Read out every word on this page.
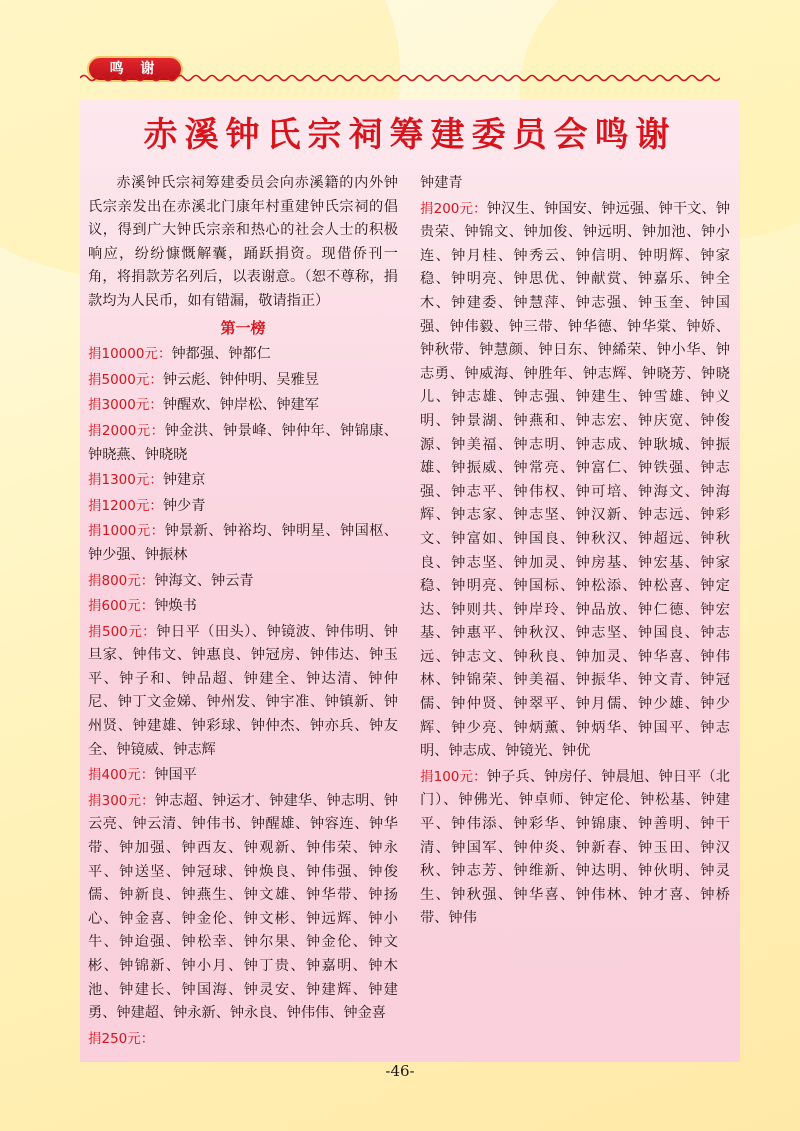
鸣 谢
赤溪钟氏宗祠筹建委员会鸣谢

赤溪钟氏宗祠筹建委员会向赤溪籍的内外钟氏宗亲发出在赤溪北门康年村重建钟氏宗祠的倡议，得到广大钟氏宗亲和热心的社会人士的积极响应，纷纷慷慨解囊，踊跃捐资。现借侨刊一角，将捐款芳名列后，以表谢意。（恕不尊称，捐款均为人民币，如有错漏，敬请指正）

第一榜

捐10000元：钟都强、钟都仁

捐5000元：钟云彪、钟仲明、吴雅昱

捐3000元：钟醒欢、钟岸松、钟建军

捐2000元：钟金洪、钟景峰、钟仲年、钟锦康、钟晓燕、钟晓晓

捐1300元：钟建京

捐1200元：钟少青

捐1000元：钟景新、钟裕均、钟明星、钟国枢、钟少强、钟振林

捐800元：钟海文、钟云青

捐600元：钟焕书

捐500元：钟日平（田头）、钟镜波、钟伟明、钟旦家、钟伟文、钟惠良、钟冠房、钟伟达、钟玉平、钟子和、钟品超、钟建全、钟达清、钟仲尼、钟丁文金娣、钟州发、钟宇准、钟镇新、钟州贤、钟建雄、钟彩球、钟仲杰、钟亦兵、钟友全、钟镜威、钟志辉

捐400元：钟国平

捐300元：钟志超、钟运才、钟建华、钟志明、钟云亮、钟云清、钟伟书、钟醒雄、钟容连、钟华带、钟加强、钟西友、钟观新、钟伟荣、钟永平、钟送坚、钟冠球、钟焕良、钟伟强、钟俊儒、钟新良、钟燕生、钟文雄、钟华带、钟扬心、钟金喜、钟金伦、钟文彬、钟远辉、钟小牛、钟迨强、钟松幸、钟尔果、钟金伦、钟文彬、钟锦新、钟小月、钟丁贵、钟嘉明、钟木池、钟建长、钟国海、钟灵安、钟建辉、钟建勇、钟建超、钟永新、钟永良、钟伟伟、钟金喜

捐250元：

钟建青

捐200元：钟汉生、钟国安、钟远强、钟干文、钟贵荣、钟锦文、钟加俊、钟远明、钟加池、钟小连、钟月桂、钟秀云、钟信明、钟明辉、钟家稳、钟明亮、钟思优、钟献赏、钟嘉乐、钟全木、钟建委、钟慧萍、钟志强、钟玉奎、钟国强、钟伟毅、钟三带、钟华德、钟华棠、钟娇、钟秋带、钟慧颜、钟日东、钟絺荣、钟小华、钟志勇、钟威海、钟胜年、钟志辉、钟晓芳、钟晓儿、钟志雄、钟志强、钟建生、钟雪雄、钟义明、钟景湖、钟燕和、钟志宏、钟庆宽、钟俊源、钟美福、钟志明、钟志成、钟耿城、钟振雄、钟振威、钟常亮、钟富仁、钟铁强、钟志强、钟志平、钟伟权、钟可培、钟海文、钟海辉、钟志家、钟志坚、钟汉新、钟志远、钟彩文、钟富如、钟国良、钟秋汉、钟超远、钟秋良、钟志坚、钟加灵、钟房基、钟宏基、钟家稳、钟明亮、钟国标、钟松添、钟松喜、钟定达、钟则共、钟岸玲、钟品放、钟仁德、钟宏基、钟惠平、钟秋汉、钟志坚、钟国良、钟志远、钟志文、钟秋良、钟加灵、钟华喜、钟伟林、钟锦荣、钟美福、钟振华、钟文青、钟冠儒、钟仲贤、钟翠平、钟月儒、钟少雄、钟少辉、钟少亮、钟炳薰、钟炳华、钟国平、钟志明、钟志成、钟镜光、钟优

捐100元：钟子兵、钟房仔、钟晨旭、钟日平（北门）、钟佛光、钟卓师、钟定伦、钟松基、钟建平、钟伟添、钟彩华、钟锦康、钟善明、钟干清、钟国军、钟仲炎、钟新春、钟玉田、钟汉秋、钟志芳、钟维新、钟达明、钟伙明、钟灵生、钟秋强、钟华喜、钟伟林、钟才喜、钟桥带、钟伟

-46-
